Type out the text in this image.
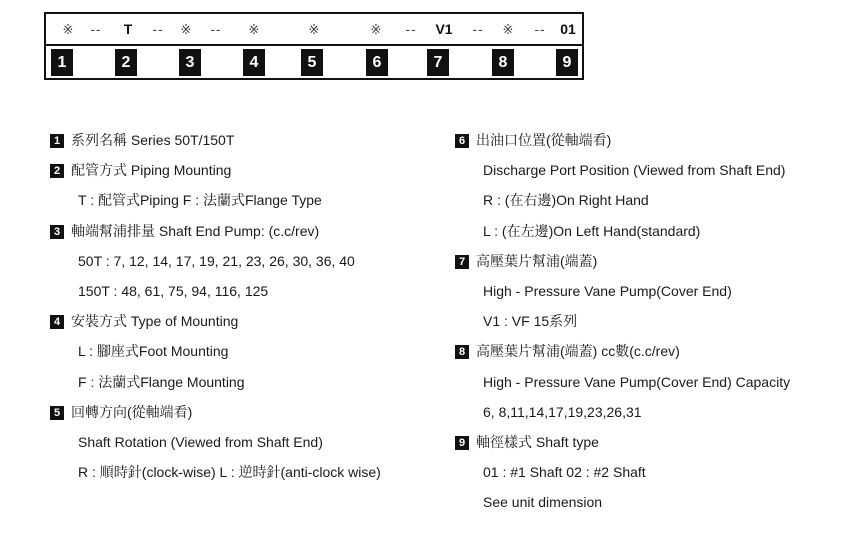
※ -- T -- ※ -- ※	※	※ -- V1 -- ※ -- 01
1	2	3	4	5	6	7	8	9
1 系列名稱 Series 50T/150T
2 配管方式 Piping Mounting
T : 配管式Piping F : 法蘭式Flange Type
3 軸端幫浦排量 Shaft End Pump: (c.c/rev)
50T : 7, 12, 14, 17, 19, 21, 23, 26, 30, 36, 40
150T : 48, 61, 75, 94, 116, 125
4 安裝方式 Type of Mounting
L : 腳座式Foot Mounting
F : 法蘭式Flange Mounting
5 回轉方向(從軸端看)
Shaft Rotation (Viewed from Shaft End)
R : 順時針(clock-wise) L : 逆時針(anti-clock wise)
6 出油口位置(從軸端看)
Discharge Port Position (Viewed from Shaft End)
R : (在右邊)On Right Hand
L : (在左邊)On Left Hand(standard)
7 高壓葉片幫浦(端蓋)
High - Pressure Vane Pump(Cover End)
V1 : VF 15系列
8 高壓葉片幫浦(端蓋) cc數(c.c/rev)
High - Pressure Vane Pump(Cover End) Capacity
6, 8,11,14,17,19,23,26,31
9 軸徑樣式 Shaft type
01 : #1 Shaft 02 : #2 Shaft
See unit dimension
